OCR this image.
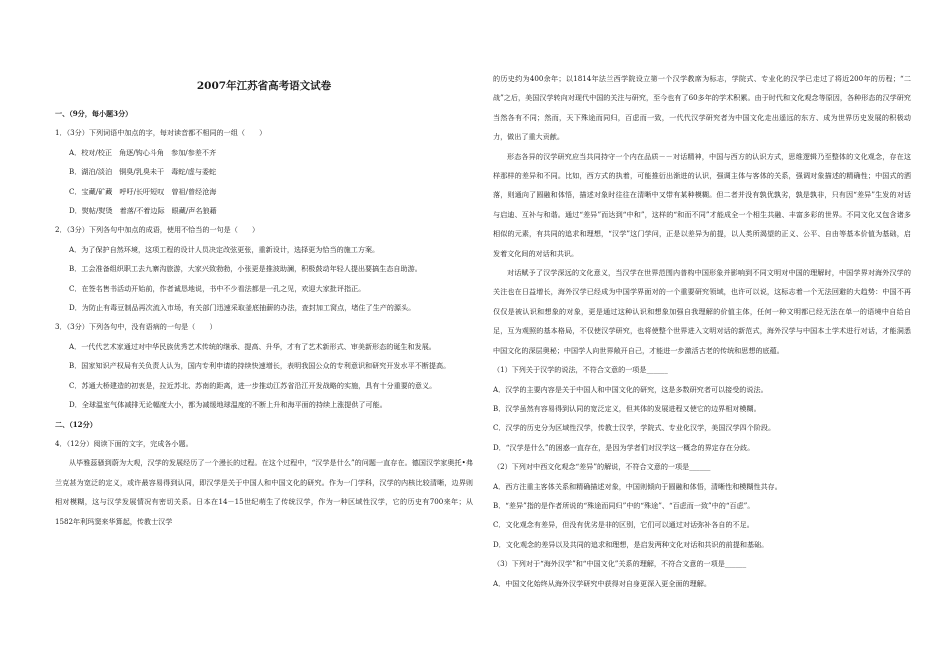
2007年江苏省高考语文试卷

一、（9分，每小题3分）

1．（3分）下列词语中加点的字，每对读音都不相同的一组（　　）

A．校对/校正　角逐/钩心斗角　参加/参差不齐

B．湖泊/淡泊　铜臭/乳臭未干　毒蛇/虚与委蛇

C．宝藏/矿藏　呼吁/长吁短叹　曾祖/曾经沧海

D．熨帖/熨烫　着落/不着边际　眼藏/声名狼藉

2．（3分）下列各句中加点的成语，使用不恰当的一句是（　　）

A．为了保护自然环境，这项工程的设计人员决定改弦更张，重新设计，选择更为恰当的施工方案。

B．工会准备组织职工去九寨沟旅游，大家兴致勃勃，小张更是推波助澜，积极鼓动年轻人提出要搞生态自助游。

C．在签名售书活动开始前，作者诚恳地说，书中不少看法都是一孔之见，欢迎大家批评指正。

D．为防止有毒豆制品再次流入市场，有关部门迅速采取釜底抽薪的办法，查封加工窝点，堵住了生产的源头。

3．（3分）下列各句中，没有语病的一句是（　　）

A．一代代艺术家通过对中华民族优秀艺术传统的继承、提高、升华，才有了艺术新形式、审美新形态的诞生和发展。

B．国家知识产权局有关负责人认为，国内专利申请的持续快速增长，表明我国公众的专利意识和研究开发水平不断提高。

C．苏通大桥建造的初衷是，拉近苏北、苏南的距离，进一步推动江苏省沿江开发战略的实施，具有十分重要的意义。

D．全球温室气体减排无论幅度大小，都为减缓地球温度的不断上升和海平面的持续上涨提供了可能。

二、（12分）

4．（12分）阅读下面的文字，完成各小题。

从毕雅蕊骚到蔚为大观，汉学的发展经历了一个漫长的过程。在这个过程中，“汉学是什么”的问题一直存在。德国汉学家奥托•弗兰克甚为宽泛的定义，或许最容易得到认同，即汉学是关于中国人和中国文化的研究。作为一门学科，汉学的内核比较清晰，边界则相对模糊，这与汉学发展情况有密切关系。日本在14－15世纪萌生了传统汉学，作为一种区域性汉学，它的历史有700来年；从1582年利玛窦来华算起，传教士汉学

的历史约为400余年；以1814年法兰西学院设立第一个汉学教席为标志，学院式、专业化的汉学已走过了将近200年的历程；“二战”之后，美国汉学转向对现代中国的关注与研究，至今也有了60多年的学术积累。由于时代和文化观念等原因，各种形态的汉学研究当然各有不同；然而，天下殊途而同归，百虑而一致，一代代汉学研究者为中国文化走出遥远的东方、成为世界历史发展的积极动力，做出了重大贡献。

形态各异的汉学研究应当共同持守一个内在品质－－对话精神，中国与西方的认识方式，思维逻辑乃至整体的文化观念，存在这样那样的差异和不同。比如，西方式的执着，可能推衍出渐进的认识，强调主体与客体的关系，强调对象描述的精确性；中国式的洒落，则通向了圆融和体悟，描述对象时往往在清晰中又带有某种模糊。但二者并没有孰优孰劣，孰是孰非，只有因“差异”生发的对话与启迪、互补与和谐。通过“差异”而达到“中和”，这样的“和而不同”才能成全一个相生共融、丰富多彩的世界。不同文化又包含诸多相似的元素，有共同的追求和理想，“汉学”这门学问，正是以差异为前提，以人类所渴望的正义、公平、自由等基本价值为基础，启发着文化间的对话和共识。

对话赋予了汉学深远的文化意义，当汉学在世界范围内普构中国形象并影响到不同文明对中国的理解时，中国学界对海外汉学的关注也在日益增长，海外汉学已经成为中国学界面对的一个重要研究领域，也许可以说，这标志着一个无法回避的大趋势：中国不再仅仅是被认识和想象的对象，更是通过这种认识和想象加强自我理解的价值主体，任何一种文明都已经无法在单一的语境中自给自足，互为观照的基本格局，不仅使汉学研究，也将使整个世界进入文明对话的新范式，海外汉学与中国本土学术进行对话，才能洞悉中国文化的深层奥秘；中国学人向世界敞开自己，才能进一步激活古老的传统和思想的底蕴。

（1）下列关于汉学的说法，不符合文意的一项是______

A．汉学的主要内容是关于中国人和中国文化的研究，这是多数研究者可以接受的说法。

B．汉学虽然有容易得到认同的宽泛定义，但其体的发展进程又使它的边界相对模糊。

C．汉学的历史分为区域性汉学，传教士汉学，学院式、专业化汉学，美国汉学四个阶段。

D．“汉学是什么”的困惑一直存在，是因为学者们对汉学这一概念的界定存在分歧。

（2）下列对中西文化观念“差异”的解说，不符合文意的一项是______

A．西方注重主客体关系和精确描述对象，中国则倾向于圆融和体悟，清晰性和模糊性共存。

B．“差异”指的是作者所说的“殊途而同归”中的“殊途”、“百虑而一致”中的“百虑”。

C．文化观念有差异，但没有优劣是非的区别，它们可以通过对话弥补各自的不足。

D．文化观念的差异以及共同的追求和理想，是启发两种文化对话和共识的前提和基础。

（3）下列对于“海外汉学”和“中国文化”关系的理解，不符合文意的一项是______

A．中国文化始终从海外汉学研究中获得对自身更深入更全面的理解。
